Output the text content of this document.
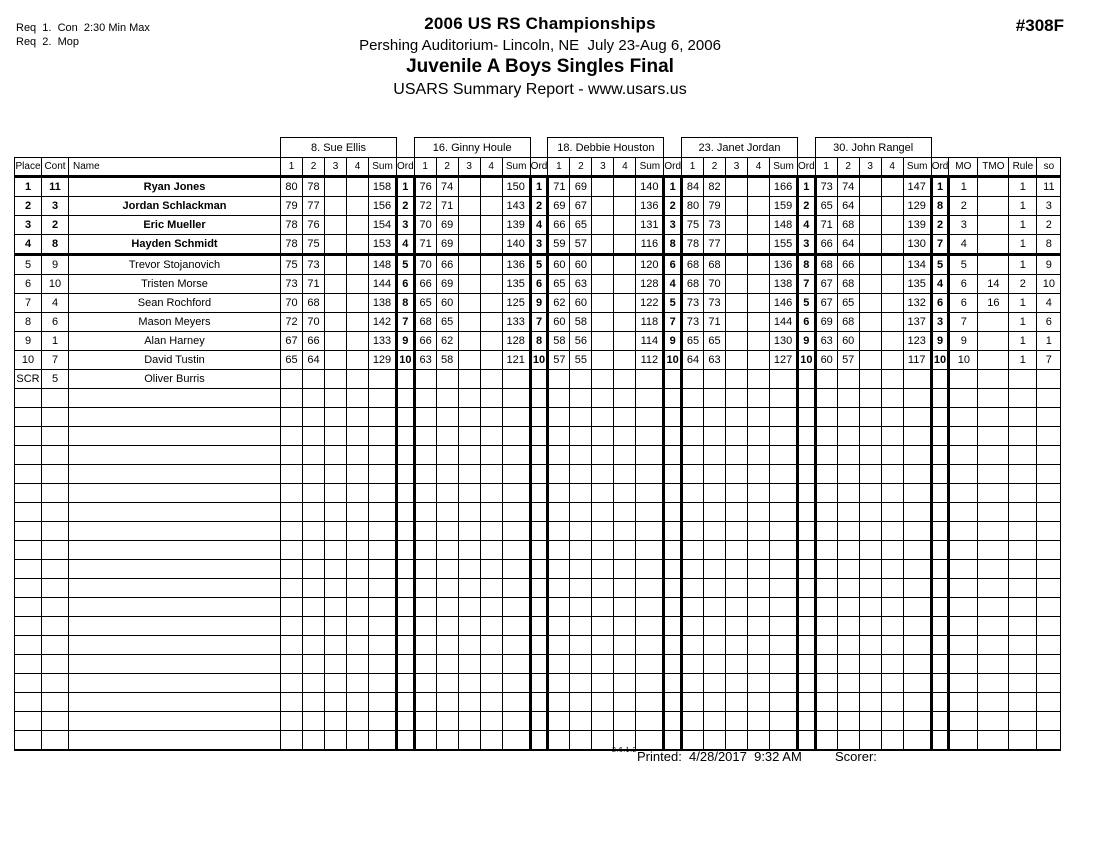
Req  1.  Con  2:30 Min Max
Req  2.  Mop
2006 US RS Championships
Pershing Auditorium- Lincoln, NE  July 23-Aug 6, 2006
Juvenile A Boys Singles Final
USARS Summary Report - www.usars.us
#308F
			8. Sue Ellis						16. Ginny Houle						18. Debbie Houston						23. Janet Jordan						30. John Rangel									
Place	Cont	Name	1	2	3	4	Sum	Ord	1	2	3	4	Sum	Ord	1	2	3	4	Sum	Ord	1	2	3	4	Sum	Ord	1	2	3	4	Sum	Ord	MO	TMO	Rule	so
1	11	Ryan Jones	80	78			158	1	76	74			150	1	71	69			140	1	84	82			166	1	73	74			147	1	1		1	11
2	3	Jordan Schlackman	79	77			156	2	72	71			143	2	69	67			136	2	80	79			159	2	65	64			129	8	2		1	3
3	2	Eric Mueller	78	76			154	3	70	69			139	4	66	65			131	3	75	73			148	4	71	68			139	2	3		1	2
4	8	Hayden Schmidt	78	75			153	4	71	69			140	3	59	57			116	8	78	77			155	3	66	64			130	7	4		1	8
5	9	Trevor Stojanovich	75	73			148	5	70	66			136	5	60	60			120	6	68	68			136	8	68	66			134	5	5		1	9
6	10	Tristen Morse	73	71			144	6	66	69			135	6	65	63			128	4	68	70			138	7	67	68			135	4	6	14	2	10
7	4	Sean Rochford	70	68			138	8	65	60			125	9	62	60			122	5	73	73			146	5	67	65			132	6	6	16	1	4
8	6	Mason Meyers	72	70			142	7	68	65			133	7	60	58			118	7	73	71			144	6	69	68			137	3	7		1	6
9	1	Alan Harney	67	66			133	9	66	62			128	8	58	56			114	9	65	65			130	9	63	60			123	9	9		1	1
10	7	David Tustin	65	64			129	10	63	58			121	10	57	55			112	10	64	63			127	10	60	57			117	10	10		1	7
SCR	5	Oliver Burris																																		

2.6.1.2 Printed:  4/28/2017  9:32 AM	Scorer:
